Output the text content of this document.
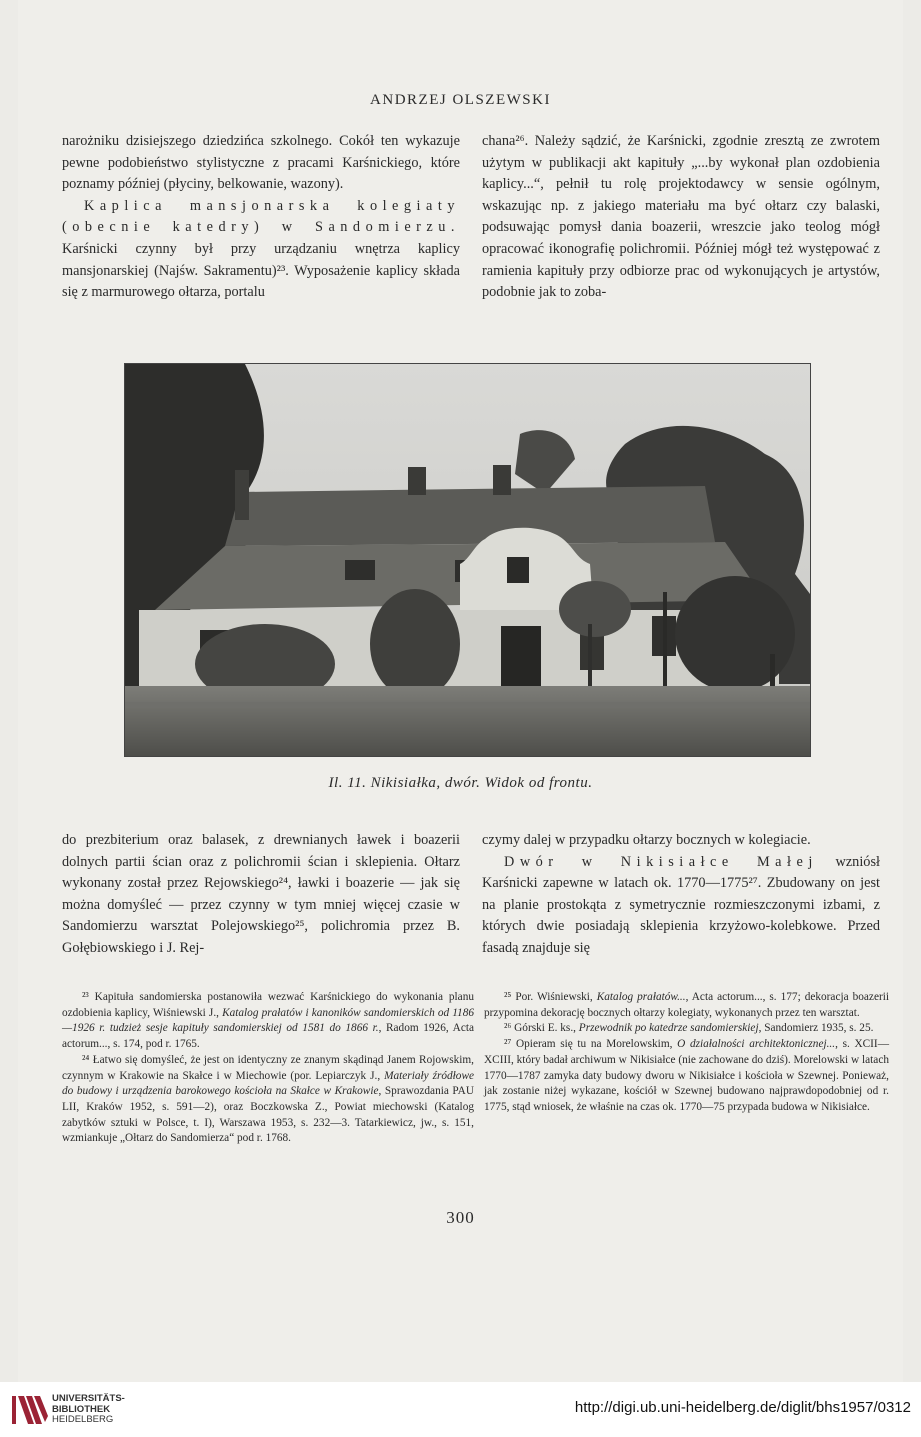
ANDRZEJ OLSZEWSKI

narożniku dzisiejszego dziedzińca szkolnego. Cokół ten wykazuje pewne podobieństwo stylistyczne z pracami Karśnickiego, które poznamy później (płyciny, belkowanie, wazony).

Kaplica mansjonarska kolegiaty (obecnie katedry) w Sandomierzu. Karśnicki czynny był przy urządzaniu wnętrza kaplicy mansjonarskiej (Najśw. Sakramentu)²³. Wyposażenie kaplicy składa się z marmurowego ołtarza, portalu

chana²⁶. Należy sądzić, że Karśnicki, zgodnie zresztą ze zwrotem użytym w publikacji akt kapituły „...by wykonał plan ozdobienia kaplicy...“, pełnił tu rolę projektodawcy w sensie ogólnym, wskazując np. z jakiego materiału ma być ołtarz czy balaski, podsuwając pomysł dania boazerii, wreszcie jako teolog mógł opracować ikonografię polichromii. Później mógł też występować z ramienia kapituły przy odbiorze prac od wykonujących je artystów, podobnie jak to zoba-

Il. 11. Nikisiałka, dwór. Widok od frontu.

do prezbiterium oraz balasek, z drewnianych ławek i boazerii dolnych partii ścian oraz z polichromii ścian i sklepienia. Ołtarz wykonany został przez Rejowskiego²⁴, ławki i boazerie — jak się można domyśleć — przez czynny w tym mniej więcej czasie w Sandomierzu warsztat Polejowskiego²⁵, polichromia przez B. Gołębiowskiego i J. Rej-

czymy dalej w przypadku ołtarzy bocznych w kolegiacie.

Dwór w Nikisiałce Małej wzniósł Karśnicki zapewne w latach ok. 1770—1775²⁷. Zbudowany on jest na planie prostokąta z symetrycznie rozmieszczonymi izbami, z których dwie posiadają sklepienia krzyżowo-kolebkowe. Przed fasadą znajduje się

²³ Kapituła sandomierska postanowiła wezwać Karśnickiego do wykonania planu ozdobienia kaplicy, Wiśniewski J., Katalog prałatów i kanoników sandomierskich od 1186—1926 r. tudzież sesje kapituły sandomierskiej od 1581 do 1866 r., Radom 1926, Acta actorum..., s. 174, pod r. 1765.

²⁴ Łatwo się domyśleć, że jest on identyczny ze znanym skądinąd Janem Rojowskim, czynnym w Krakowie na Skałce i w Miechowie (por. Lepiarczyk J., Materiały źródłowe do budowy i urządzenia barokowego kościoła na Skałce w Krakowie, Sprawozdania PAU LII, Kraków 1952, s. 591—2), oraz Boczkowska Z., Powiat miechowski (Katalog zabytków sztuki w Polsce, t. I), Warszawa 1953, s. 232—3. Tatarkiewicz, jw., s. 151, wzmiankuje „Ołtarz do Sandomierza“ pod r. 1768.

²⁵ Por. Wiśniewski, Katalog prałatów..., Acta actorum..., s. 177; dekoracja boazerii przypomina dekorację bocznych ołtarzy kolegiaty, wykonanych przez ten warsztat.

²⁶ Górski E. ks., Przewodnik po katedrze sandomierskiej, Sandomierz 1935, s. 25.

²⁷ Opieram się tu na Morelowskim, O działalności architektonicznej..., s. XCII—XCIII, który badał archiwum w Nikisiałce (nie zachowane do dziś). Morelowski w latach 1770—1787 zamyka daty budowy dworu w Nikisiałce i kościoła w Szewnej. Ponieważ, jak zostanie niżej wykazane, kościół w Szewnej budowano najprawdopodobniej od r. 1775, stąd wniosek, że właśnie na czas ok. 1770—75 przypada budowa w Nikisiałce.

300
UNIVERSITÄTS-
BIBLIOTHEK
HEIDELBERG
http://digi.ub.uni-heidelberg.de/diglit/bhs1957/0312
